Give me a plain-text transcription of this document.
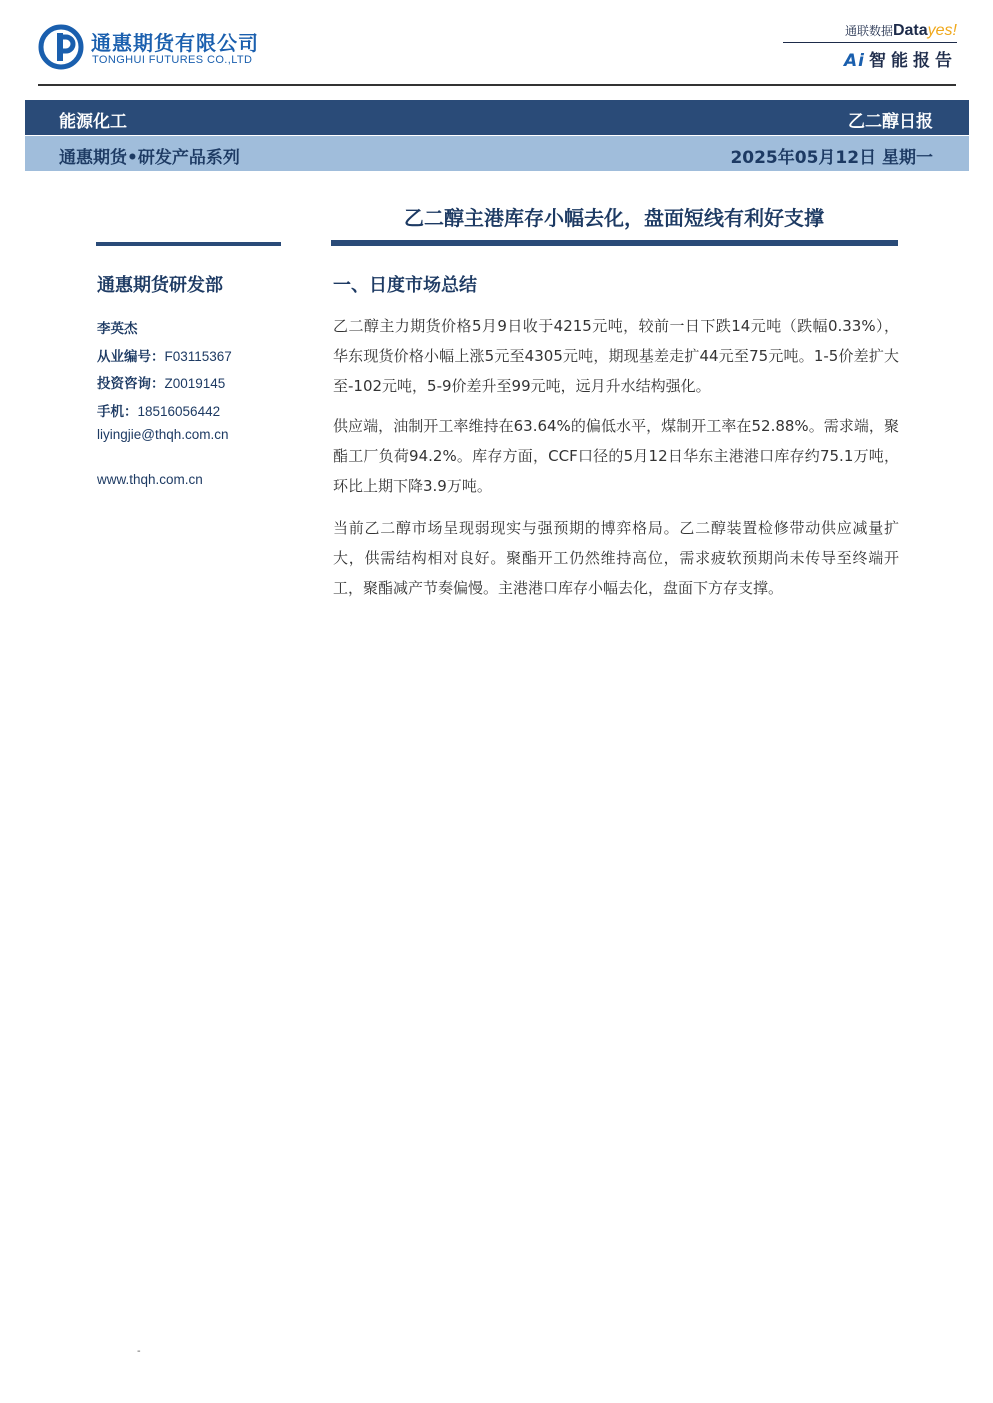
通惠期货有限公司
TONGHUI FUTURES CO.,LTD
通联数据Datayes!
Ai 智能报告
能源化工	乙二醇日报
通惠期货•研发产品系列	2025年05月12日 星期一
乙二醇主港库存小幅去化，盘面短线有利好支撑
通惠期货研发部
李英杰
从业编号：F03115367
投资咨询：Z0019145
手机：18516056442
liyingjie@thqh.com.cn
www.thqh.com.cn
一、日度市场总结
乙二醇主力期货价格5月9日收于4215元吨，较前一日下跌14元吨（跌幅0.33%），华东现货价格小幅上涨5元至4305元吨，期现基差走扩44元至75元吨。1-5价差扩大至-102元吨，5-9价差升至99元吨，远月升水结构强化。
供应端，油制开工率维持在63.64%的偏低水平，煤制开工率在52.88%。需求端，聚酯工厂负荷94.2%。库存方面，CCF口径的5月12日华东主港港口库存约75.1万吨，环比上期下降3.9万吨。
当前乙二醇市场呈现弱现实与强预期的博弈格局。乙二醇装置检修带动供应减量扩大，供需结构相对良好。聚酯开工仍然维持高位，需求疲软预期尚未传导至终端开工，聚酯减产节奏偏慢。主港港口库存小幅去化，盘面下方存支撑。
-
